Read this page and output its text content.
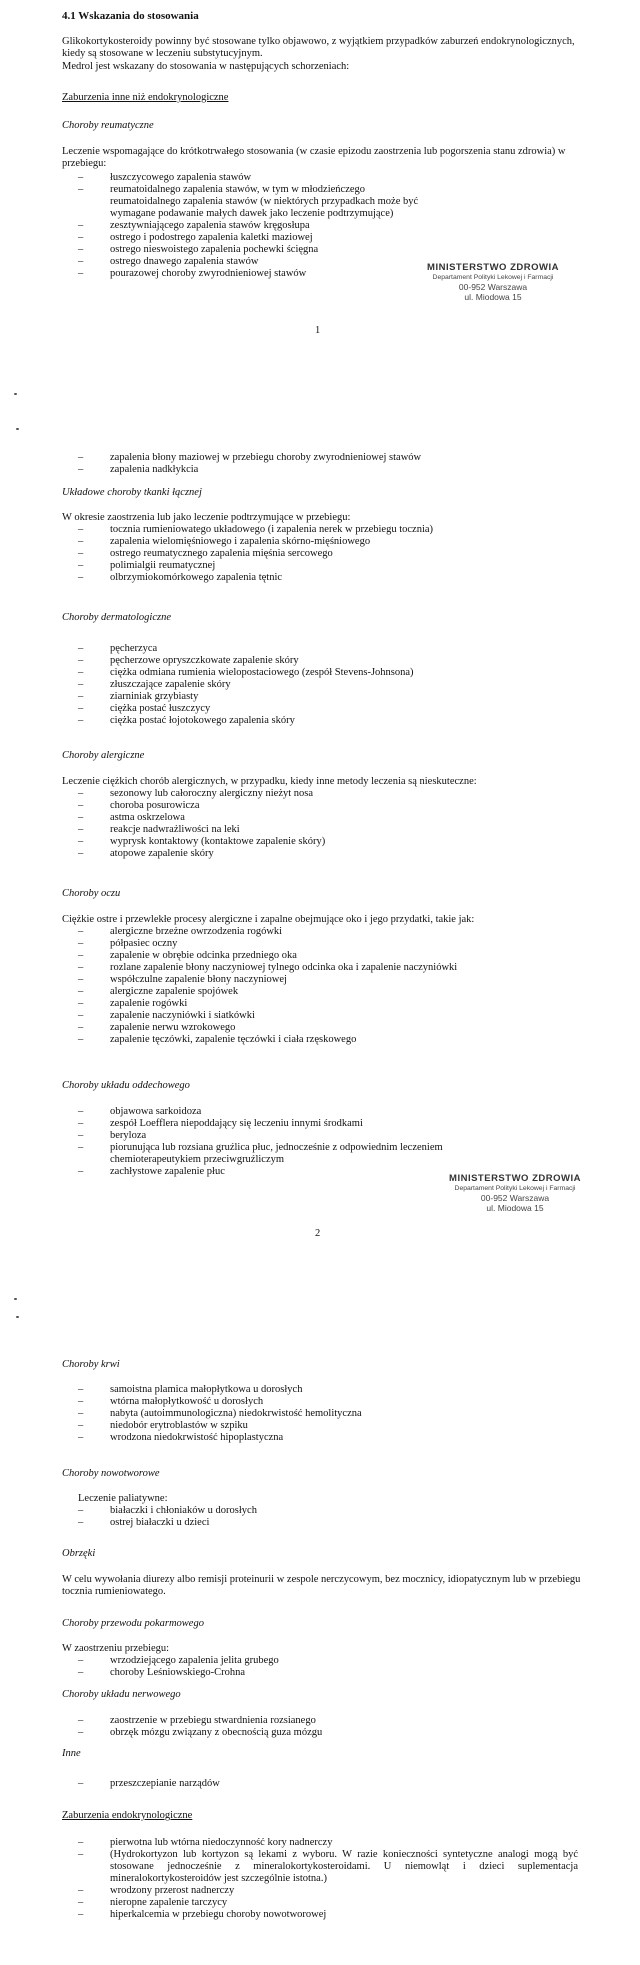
4.1 Wskazania do stosowania

Glikokortykosteroidy powinny być stosowane tylko objawowo, z wyjątkiem przypadków zaburzeń endokrynologicznych, kiedy są stosowane w leczeniu substytucyjnym.

Medrol jest wskazany do stosowania w następujących schorzeniach:

Zaburzenia inne niż endokrynologiczne
Choroby reumatyczne

Leczenie wspomagające do krótkotrwałego stosowania (w czasie epizodu zaostrzenia lub pogorszenia stanu zdrowia) w przebiegu:

– łuszczycowego zapalenia stawów
– reumatoidalnego zapalenia stawów, w tym w młodzieńczego reumatoidalnego zapalenia stawów (w niektórych przypadkach może być wymagane podawanie małych dawek jako leczenie podtrzymujące)
– zesztywniającego zapalenia stawów kręgosłupa
– ostrego i podostrego zapalenia kaletki maziowej
– ostrego nieswoistego zapalenia pochewki ścięgna
– ostrego dnawego zapalenia stawów
– pourazowej choroby zwyrodnieniowej stawów
MINISTERSTWO ZDROWIA
Departament Polityki Lekowej i Farmacji
00-952 Warszawa
ul. Miodowa 15
1
– zapalenia błony maziowej w przebiegu choroby zwyrodnieniowej stawów
– zapalenia nadkłykcia
Układowe choroby tkanki łącznej

W okresie zaostrzenia lub jako leczenie podtrzymujące w przebiegu:

– tocznia rumieniowatego układowego (i zapalenia nerek w przebiegu tocznia)
– zapalenia wielomięśniowego i zapalenia skórno-mięśniowego
– ostrego reumatycznego zapalenia mięśnia sercowego
– polimialgii reumatycznej
– olbrzymiokomórkowego zapalenia tętnic
Choroby dermatologiczne
– pęcherzyca
– pęcherzowe opryszczkowate zapalenie skóry
– ciężka odmiana rumienia wielopostaciowego (zespół Stevens-Johnsona)
– złuszczające zapalenie skóry
– ziarniniak grzybiasty
– ciężka postać łuszczycy
– ciężka postać łojotokowego zapalenia skóry
Choroby alergiczne

Leczenie ciężkich chorób alergicznych, w przypadku, kiedy inne metody leczenia są nieskuteczne:

– sezonowy lub całoroczny alergiczny nieżyt nosa
– choroba posurowicza
– astma oskrzelowa
– reakcje nadwrażliwości na leki
– wyprysk kontaktowy (kontaktowe zapalenie skóry)
– atopowe zapalenie skóry
Choroby oczu

Ciężkie ostre i przewlekłe procesy alergiczne i zapalne obejmujące oko i jego przydatki, takie jak:

– alergiczne brzeżne owrzodzenia rogówki
– półpasiec oczny
– zapalenie w obrębie odcinka przedniego oka
– rozlane zapalenie błony naczyniowej tylnego odcinka oka i zapalenie naczyniówki
– współczulne zapalenie błony naczyniowej
– alergiczne zapalenie spojówek
– zapalenie rogówki
– zapalenie naczyniówki i siatkówki
– zapalenie nerwu wzrokowego
– zapalenie tęczówki, zapalenie tęczówki i ciała rzęskowego
Choroby układu oddechowego
– objawowa sarkoidoza
– zespół Loefflera niepoddający się leczeniu innymi środkami
– beryloza
– piorunująca lub rozsiana gruźlica płuc, jednocześnie z odpowiednim leczeniem chemioterapeutykiem przeciwgruźliczym
– zachłystowe zapalenie płuc
MINISTERSTWO ZDROWIA
Departament Polityki Lekowej i Farmacji
00-952 Warszawa
ul. Miodowa 15
2
Choroby krwi
– samoistna plamica małopłytkowa u dorosłych
– wtórna małopłytkowość u dorosłych
– nabyta (autoimmunologiczna) niedokrwistość hemolityczna
– niedobór erytroblastów w szpiku
– wrodzona niedokrwistość hipoplastyczna
Choroby nowotworowe
Leczenie paliatywne:
– białaczki i chłoniaków u dorosłych
– ostrej białaczki u dzieci
Obrzęki

W celu wywołania diurezy albo remisji proteinurii w zespole nerczycowym, bez mocznicy, idiopatycznym lub w przebiegu tocznia rumieniowatego.

Choroby przewodu pokarmowego

W zaostrzeniu przebiegu:

– wrzodziejącego zapalenia jelita grubego
– choroby Leśniowskiego-Crohna
Choroby układu nerwowego
– zaostrzenie w przebiegu stwardnienia rozsianego
– obrzęk mózgu związany z obecnością guza mózgu
Inne
– przeszczepianie narządów
Zaburzenia endokrynologiczne
– pierwotna lub wtórna niedoczynność kory nadnerczy
– (Hydrokortyzon lub kortyzon są lekami z wyboru. W razie konieczności syntetyczne analogi mogą być stosowane jednocześnie z mineralokortykosteroidami. U niemowląt i dzieci suplementacja mineralokortykosteroidów jest szczególnie istotna.)
– wrodzony przerost nadnerczy
– nieropne zapalenie tarczycy
– hiperkalcemia w przebiegu choroby nowotworowej
